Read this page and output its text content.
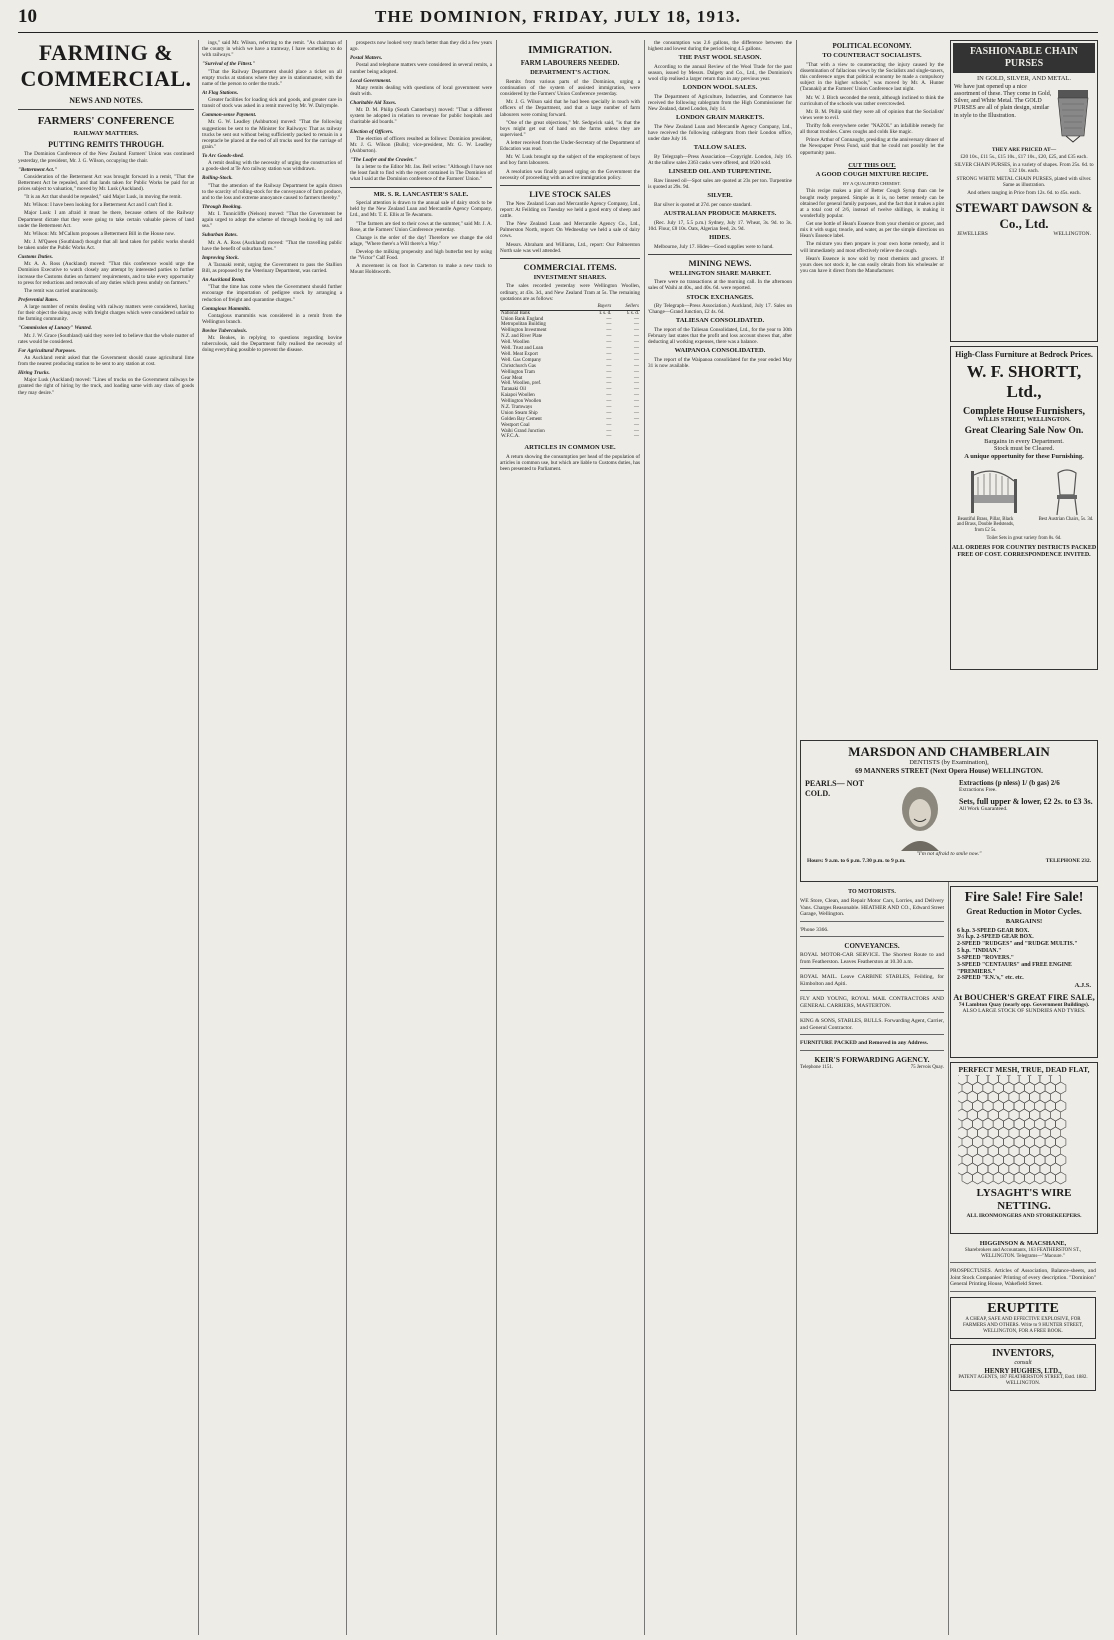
10	THE DOMINION, FRIDAY, JULY 18, 1913.
FARMING & COMMERCIAL.
NEWS AND NOTES.
FARMERS' CONFERENCE
RAILWAY MATTERS.
PUTTING REMITS THROUGH.

The Dominion Conference of the New Zealand Farmers' Union was continued yesterday, the president, Mr. J. G. Wilson, occupying the chair.

"Betterment Act."

Consideration of the Betterment Act was brought forward in a remit, "That the Betterment Act be repealed, and that lands taken for Public Works be paid for at prices subject to valuation," moved by Mr. Lusk (Auckland).

"It is an Act that should be repealed," said Major Lusk, in moving the remit.

Mr. Wilson: I have been looking for a Betterment Act and I can't find it.

Major Lusk: I am afraid it must be there, because others of the Railway Department dictate that they were going to take certain valuable pieces of land under the Betterment Act.

Mr. Wilson: Mr. M'Callum proposes a Betterment Bill in the House now.

Mr. J. M'Queen (Southland) thought that all land taken for public works should be taken under the Public Works Act.

Customs Duties.

Mr. A. A. Ross (Auckland) moved: "That this conference would urge the Dominion Executive to watch closely any attempt by interested parties to further increase the Customs duties on farmers' requirements, and to take every opportunity to press for reductions and removals of any duties which press unduly on farmers."

The remit was carried unanimously.

Preferential Rates.

A large number of remits dealing with railway matters were considered, having for their object the doing away with freight charges which were considered unfair to the farming community.

"Commission of Lunacy" Wanted.

Mr. J. W. Grace (Southland) said they were led to believe that the whole matter of rates would be considered.

For Agricultural Purposes.

An Auckland remit asked that the Government should cause agricultural lime from the nearest producing station to be sent to any station at cost.

Hiring Trucks.

Major Lusk (Auckland) moved: "Lines of trucks on the Government railways be granted the right of hiring by the truck, and loading same with any class of goods they may desire."

ings," said Mr. Wilson, referring to the remit. "As chairman of the county in which we have a tramway, I have something to do with railways."

"Survival of the Fittest."

"That the Railway Department should place a ticket on all empty trucks at stations where they are in stationmaster, with the name of the person to order the truck."

At Flag Stations.

Greater facilities for loading sick and goods, and greater care in transit of stock was asked in a remit moved by Mr. W. Dalrymple.

Common-sense Payment.

Mr. G. W. Leadley (Ashburton) moved: "That the following suggestions be sent to the Minister for Railways: That as railway trucks be sent out without being sufficiently packed to remain in a receptacle be placed at the end of all trucks used for the carriage of grain."

To Arc Goods-shed.

A remit dealing with the necessity of urging the construction of a goods-shed at Te Aro railway station was withdrawn.

Rolling-Stock.

"That the attention of the Railway Department be again drawn to the scarcity of rolling-stock for the conveyance of farm produce, and to the loss and extreme annoyance caused to farmers thereby."

Through Booking.

Mr. I. Tunnicliffe (Nelson) moved: "That the Government be again urged to adopt the scheme of through booking by rail and sea."

Suburban Rates.

Mr. A. A. Ross (Auckland) moved: "That the travelling public have the benefit of suburban fares."

Improving Stock.

A Taranaki remit, urging the Government to pass the Stallion Bill, as proposed by the Veterinary Department, was carried.

An Auckland Remit.

"That the time has come when the Government should further encourage the importation of pedigree stock by arranging a reduction of freight and quarantine charges."

Contagious Mammitis.

Contagious mammitis was considered in a remit from the Wellington branch.

Bovine Tuberculosis.

Mr. Beakes, in replying to questions regarding bovine tuberculosis, said the Department fully realised the necessity of doing everything possible to prevent the disease.

prospects now looked very much better than they did a few years ago.

Postal Matters.

Postal and telephone matters were considered in several remits, a number being adopted.

Local Government.

Many remits dealing with questions of local government were dealt with.

Charitable Aid Taxes.

Mr. D. M. Philip (South Canterbury) moved: "That a different system be adopted in relation to revenue for public hospitals and charitable aid boards."

Election of Officers.

The election of officers resulted as follows: Dominion president, Mr. J. G. Wilson (Bulls); vice-president, Mr. G. W. Leadley (Ashburton).

"The Loafer and the Crawler."

In a letter to the Editor Mr. Jas. Bell writes: "Although I have not the least fault to find with the report contained in The Dominion of what I said at the Dominion conference of the Farmers' Union."

MR. S. R. LANCASTER'S SALE.

Special attention is drawn to the annual sale of dairy stock to be held by the New Zealand Loan and Mercantile Agency Company, Ltd., and Mr. T. E. Ellis at Te Awamutu.

"The farmers are tied to their cows at the summer," said Mr. J. A. Rose, at the Farmers' Union Conference yesterday.

Change is the order of the day! Therefore we change the old adage, "Where there's a Will there's a Way."

Develop the milking propensity and high butterfat test by using the "Victor" Calf Food.

A movement is on foot in Carterton to make a new track to Mount Holdsworth.

IMMIGRATION.
FARM LABOURERS NEEDED.
DEPARTMENT'S ACTION.

Remits from various parts of the Dominion, urging a continuation of the system of assisted immigration, were considered by the Farmers' Union Conference yesterday.

Mr. J. G. Wilson said that he had been specially in touch with officers of the Department, and that a large number of farm labourers were coming forward.

"One of the great objections," Mr. Sedgwick said, "is that the boys might get out of hand on the farms unless they are supervised."

A letter received from the Under-Secretary of the Department of Education was read.

Mr. W. Lusk brought up the subject of the employment of boys and boy farm labourers.

A resolution was finally passed urging on the Government the necessity of proceeding with an active immigration policy.

LIVE STOCK SALES

The New Zealand Loan and Mercantile Agency Company, Ltd., report: At Feilding on Tuesday we held a good entry of sheep and cattle.

The New Zealand Loan and Mercantile Agency Co., Ltd., Palmerston North, report: On Wednesday we held a sale of dairy cows.

Messrs. Abraham and Williams, Ltd., report: Our Palmerston North sale was well attended.

COMMERCIAL ITEMS.
INVESTMENT SHARES.

The sales recorded yesterday were Wellington Woollen, ordinary, at 43s. 3d., and New Zealand Tram at 5s. The remaining quotations are as follows:

	Buyers	Sellers
National Bank	£ s. d.	£ s. d.
Union Bank England	—	—
Metropolitan Building	—	—
Wellington Investment	—	—
N.Z. and River Plate	—	—
Well. Woollen	—	—
Well. Trust and Loan	—	—
Well. Meat Export	—	—
Well. Gas Company	—	—
Christchurch Gas	—	—
Wellington Tram	—	—
Gear Meat	—	—
Well. Woollen, pref.	—	—
Taranaki Oil	—	—
Kaiapoi Woollen	—	—
Wellington Woollen	—	—
N.Z. Tramways	—	—
Union Steam Ship	—	—
Golden Bay Cement	—	—
Westport Coal	—	—
Waihi Grand Junction	—	—
W.F.C.A.	—	—
ARTICLES IN COMMON USE.

A return showing the consumption per head of the population of articles in common use, but which are liable to Customs duties, has been presented to Parliament.

the consumption was 2.6 gallons, the difference between the highest and lowest during the period being 4.5 gallons.

THE PAST WOOL SEASON.

According to the annual Review of the Wool Trade for the past season, issued by Messrs. Dalgety and Co., Ltd., the Dominion's wool clip realised a larger return than in any previous year.

LONDON WOOL SALES.

The Department of Agriculture, Industries, and Commerce has received the following cablegram from the High Commissioner for New Zealand, dated London, July 14.

LONDON GRAIN MARKETS.

The New Zealand Loan and Mercantile Agency Company, Ltd., have received the following cablegram from their London office, under date July 16.

TALLOW SALES.

By Telegraph—Press Association—Copyright. London, July 16. At the tallow sales 2363 casks were offered, and 1620 sold.

LINSEED OIL AND TURPENTINE.

Raw linseed oil—Spot sales are quoted at 23s per ton. Turpentine is quoted at 29s. 9d.

SILVER.

Bar silver is quoted at 27d. per ounce standard.

AUSTRALIAN PRODUCE MARKETS.

(Rec. July 17, 5.5 p.m.) Sydney, July 17. Wheat, 3s. 9d. to 3s. 10d. Flour, £8 10s. Oats, Algerian feed, 2s. 9d.

HIDES.

Melbourne, July 17. Hides—Good supplies were to hand.

MINING NEWS.
WELLINGTON SHARE MARKET.

There were no transactions at the morning call. In the afternoon sales of Waihi at 40s., and 40s. 6d. were reported.

STOCK EXCHANGES.

(By Telegraph—Press Association.) Auckland, July 17. Sales on 'Change—Grand Junction, £2 4s. 6d.

TALIESAN CONSOLIDATED.

The report of the Taliesan Consolidated, Ltd., for the year to 30th February last states that the profit and loss account shows that, after deducting all working expenses, there was a balance.

WAIPANOA CONSOLIDATED.

The report of the Waipanoa consolidated for the year ended May 31 is now available.

POLITICAL ECONOMY.
TO COUNTERACT SOCIALISTS.

"That with a view to counteracting the injury caused by the dissemination of fallacious views by the Socialists and single-taxers, this conference urges that political economy be made a compulsory subject in the higher schools," was moved by Mr. A. Hunter (Taranaki) at the Farmers' Union Conference last night.

Mr. W. J. Birch seconded the remit, although inclined to think the curriculum of the schools was rather overcrowded.

Mr. B. M. Philip said they were all of opinion that the Socialists' views were to evil.

Thrifty folk everywhere order "NAZOL" an infallible remedy for all throat troubles. Cures coughs and colds like magic.

Prince Arthur of Connaught, presiding at the anniversary dinner of the Newspaper Press Fund, said that he could not possibly let the opportunity pass.

CUT THIS OUT.
A GOOD COUGH MIXTURE RECIPE.
BY A QUALIFIED CHEMIST.

This recipe makes a pint of Better Cough Syrup than can be bought ready prepared. Simple as it is, no better remedy can be obtained for general family purposes, and the fact that it makes a pint at a total cost of 2/6, instead of twelve shillings, is making it wonderfully popular.

Get one bottle of Hean's Essence from your chemist or grocer, and mix it with sugar, treacle, and water, as per the simple directions on Hean's Essence label.

The mixture you then prepare is your own home remedy, and it will immediately and most effectively relieve the cough.

Hean's Essence is now sold by most chemists and grocers. If yours does not stock it, he can easily obtain from his wholesaler or you can have it direct from the Manufacturer.

FASHIONABLE CHAIN PURSES
IN GOLD, SILVER, AND METAL.
We have just opened up a nice assortment of these. They come in Gold, Silver, and White Metal. The GOLD PURSES are all of plain design, similar in style to the Illustration.
THEY ARE PRICED AT—
£20 10s., £11 5s., £15 10s., £17 10s., £20, £25, and £35 each.
SILVER CHAIN PURSES, in a variety of shapes. From 25s. 6d. to £12 10s. each.
STRONG WHITE METAL CHAIN PURSES, plated with silver. Same as illustration.
And others ranging in Price from 12s. 6d. to 45s. each.
STEWART DAWSON & Co., Ltd.
JEWELLERS	WELLINGTON.
High-Class Furniture at Bedrock Prices.
W. F. SHORTT, Ltd.,
Complete House Furnishers,
WILLIS STREET, WELLINGTON.
Great Clearing Sale Now On.
Bargains in every Department.
Stock must be Cleared.
A unique opportunity for these Furnishing.
Beautiful Brass, Pillar, Black and Brass, Double Bedsteads, from £2 5s.
Best Austrian Chairs, 5s. 3d.
Toilet Sets in great variety from 8s. 6d.
ALL ORDERS FOR COUNTRY DISTRICTS PACKED FREE OF COST. CORRESPONDENCE INVITED.
MARSDON AND CHAMBERLAIN
DENTISTS (by Examination),
69 MANNERS STREET (Next Opera House) WELLINGTON.
PEARLS— NOT COLD.
Extractions (p nless) 1/ (b gas) 2/6
Extractions Free.
Sets, full upper & lower, £2 2s. to £3 3s.
All Work Guaranteed.
"I'm not afraid to smile now."
Hours: 9 a.m. to 6 p.m. 7.30 p.m. to 9 p.m.	TELEPHONE 232.
TO MOTORISTS.
WE Store, Clean, and Repair Motor Cars, Lorries, and Delivery Vans. Charges Reasonable. HEATHER AND CO., Edward Street Garage, Wellington.
'Phone 3366.
CONVEYANCES.
ROYAL MOTOR-CAR SERVICE. The Shortest Route to and from Featherston. Leaves Featherston at 10.30 a.m.
ROYAL MAIL. Leave CARBINE STABLES, Feilding, for Kimbolton and Apiti.
FLY AND YOUNG, ROYAL MAIL CONTRACTORS AND GENERAL CARRIERS, MASTERTON.
KING & SONS, STABLES, BULLS. Forwarding Agent, Carrier, and General Contractor.
FURNITURE PACKED and Removed in any Address.
KEIR'S FORWARDING AGENCY.
Telephone 1151.	75 Jervois Quay.
Fire Sale! Fire Sale!
Great Reduction in Motor Cycles.
BARGAINS!
6 h.p. 3-SPEED GEAR BOX.
3½ h.p. 2-SPEED GEAR BOX.
2-SPEED "RUDGES" and "RUDGE MULTIS."
5 h.p. "INDIAN."
3-SPEED "ROVERS."
3-SPEED "CENTAURS" and FREE ENGINE "PREMIERS."
2-SPEED "F.N.'s," etc. etc.
A.J.S.
At BOUCHER'S GREAT FIRE SALE,
74 Lambton Quay (nearly opp. Government Buildings).
ALSO LARGE STOCK OF SUNDRIES AND TYRES.
PERFECT MESH, TRUE, DEAD FLAT,
LYSAGHT'S WIRE NETTING.
ALL IRONMONGERS AND STOREKEEPERS.
HIGGINSON & MACSHANE,
Sharebrokers and Accountants, 163 FEATHERSTON ST., WELLINGTON. Telegrams—"Macsure."
PROSPECTUSES. Articles of Association, Balance-sheets, and Joint Stock Companies' Printing of every description. "Dominion" General Printing House, Wakefield Street.
ERUPTITE
A CHEAP, SAFE AND EFFECTIVE EXPLOSIVE, FOR FARMERS AND OTHERS. Write to 9 HUNTER STREET, WELLINGTON, FOR A FREE BOOK.
INVENTORS,
consult
HENRY HUGHES, LTD.,
PATENT AGENTS, 187 FEATHERSTON STREET, Estd. 1882. WELLINGTON.
